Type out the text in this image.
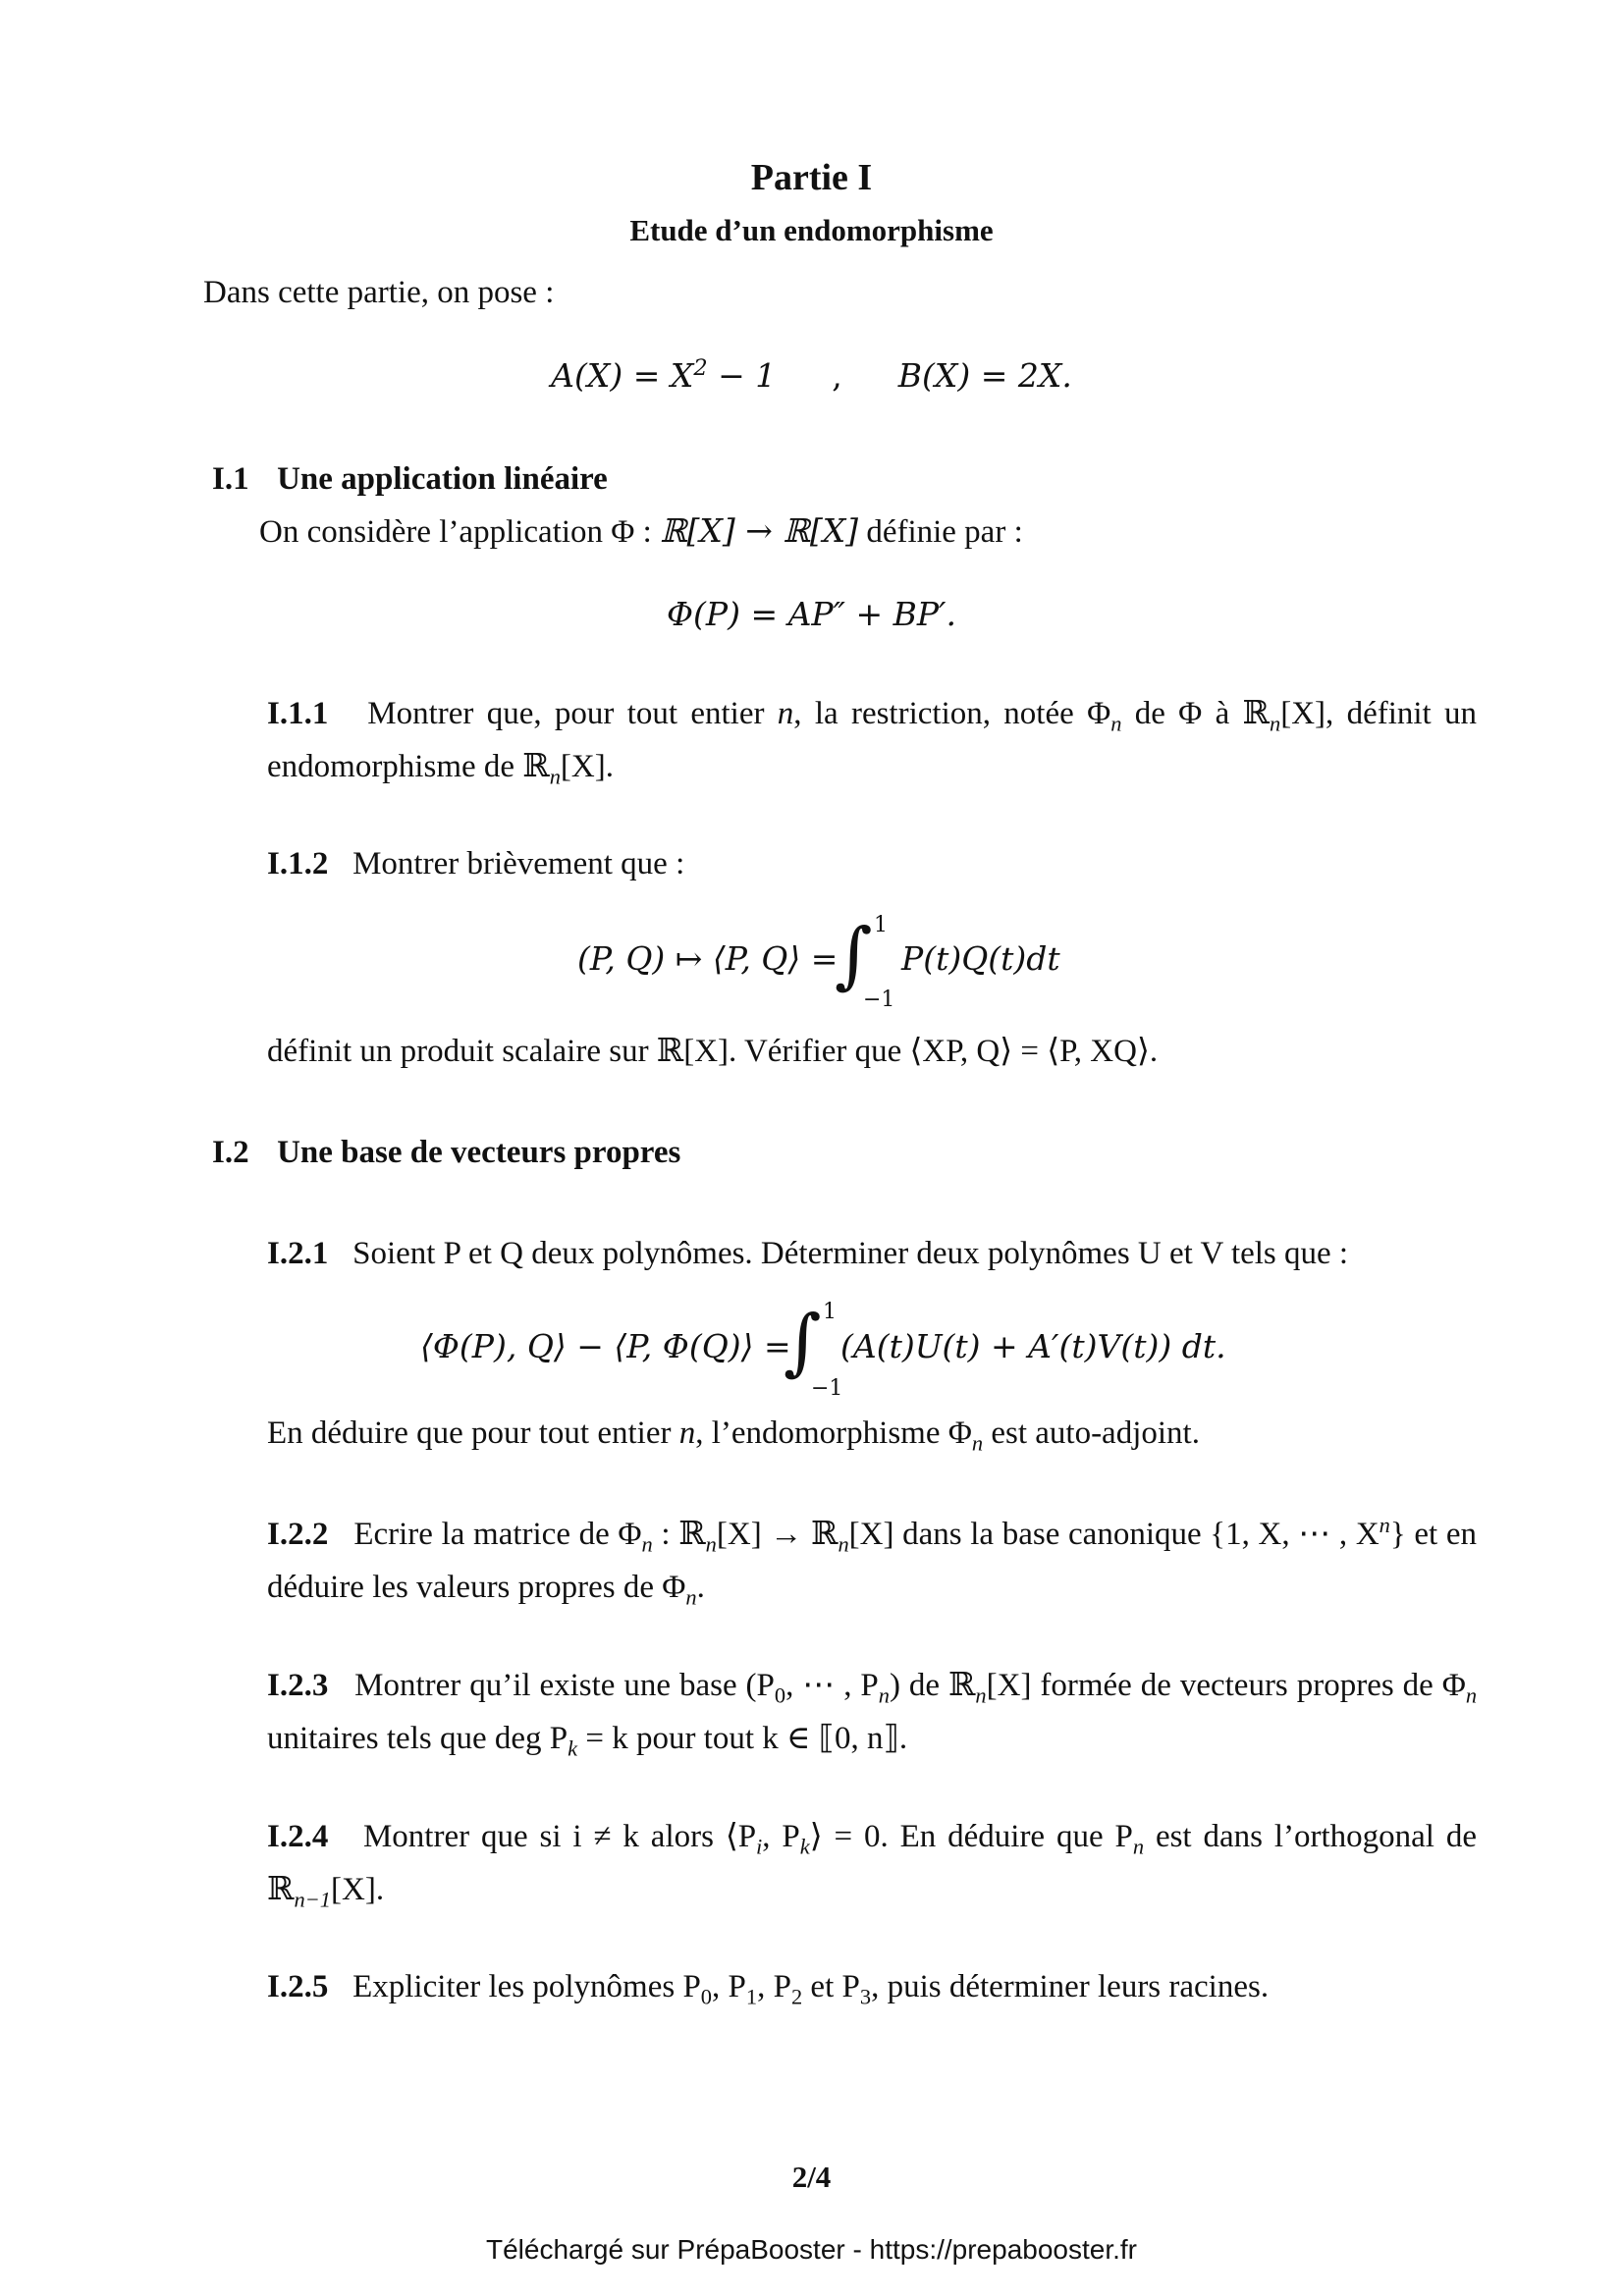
Partie I
Etude d’un endomorphisme
Dans cette partie, on pose :
$A(X) = X^2 - 1$ , B(X) = 2X.
I.1 Une application linéaire
On considère l’application Φ : ℝ[X] → ℝ[X] définie par :
Φ(P) = AP″ + BP′.
I.1.1 Montrer que, pour tout entier n, la restriction, notée $\Phi_n$ de Φ à ℝ$_n$[X], définit un endomorphisme de ℝ$_n$[X].
I.1.2 Montrer brièvement que :
(P, Q) ↦ ⟨P, Q⟩ =
∫ 1
−1
P(t)Q(t)dt
définit un produit scalaire sur ℝ[X]. Vérifier que ⟨XP, Q⟩ = ⟨P, XQ⟩.
I.2 Une base de vecteurs propres
I.2.1 Soient P et Q deux polynômes. Déterminer deux polynômes U et V tels que :
⟨Φ(P), Q⟩ − ⟨P, Φ(Q)⟩ =
∫ 1
−1
(A(t)U(t) + A′(t)V(t)) dt.
En déduire que pour tout entier n, l’endomorphisme $\Phi_n$ est auto-adjoint.
I.2.2 Ecrire la matrice de $\Phi_n$ : ℝ$_n$[X] → ℝ$_n$[X] dans la base canonique {1, X, ⋯ , $X^n$} et en déduire les valeurs propres de $\Phi_n$.
I.2.3 Montrer qu’il existe une base ($P_0$, ⋯ , $P_n$) de ℝ$_n$[X] formée de vecteurs propres de $\Phi_n$ unitaires tels que deg $P_k = k$ pour tout k ∈ ⟦0, n⟧.
I.2.4 Montrer que si i ≠ k alors $⟨P_i$, $P_k⟩ = 0$. En déduire que $P_n$ est dans l’orthogonal de ℝ$_{n-1}$[X].
I.2.5 Expliciter les polynômes $P_0$, $P_1$, $P_2$ et $P_3$, puis déterminer leurs racines.
2/4
Téléchargé sur PrépaBooster - https://prepabooster.fr
